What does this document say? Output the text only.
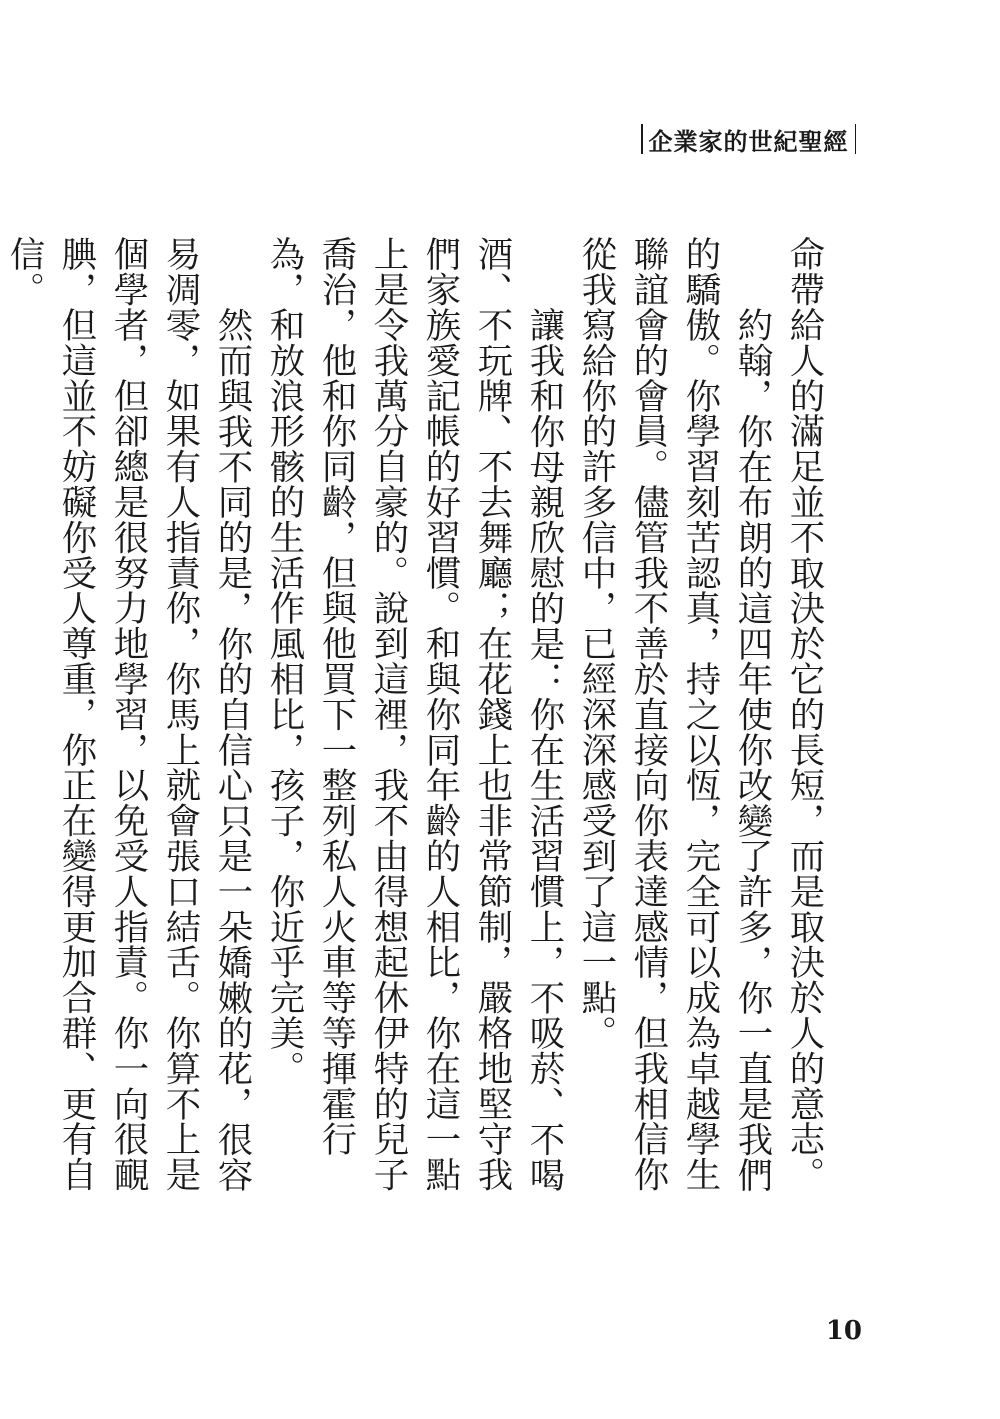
企業家的世紀聖經

命帶給人的滿足並不取決於它的長短，而是取決於人的意志。

約翰，你在布朗的這四年使你改變了許多，你一直是我們的驕傲。你學習刻苦認真，持之以恆，完全可以成為卓越學生聯誼會的會員。儘管我不善於直接向你表達感情，但我相信你從我寫給你的許多信中，已經深深感受到了這一點。

讓我和你母親欣慰的是：你在生活習慣上，不吸菸、不喝酒、不玩牌、不去舞廳；在花錢上也非常節制，嚴格地堅守我們家族愛記帳的好習慣。和與你同年齡的人相比，你在這一點上是令我萬分自豪的。說到這裡，我不由得想起休伊特的兒子喬治，他和你同齡，但與他買下一整列私人火車等等揮霍行為，和放浪形骸的生活作風相比，孩子，你近乎完美。

然而與我不同的是，你的自信心只是一朵嬌嫩的花，很容易凋零，如果有人指責你，你馬上就會張口結舌。你算不上是個學者，但卻總是很努力地學習，以免受人指責。你一向很靦腆，但這並不妨礙你受人尊重，你正在變得更加合群、更有自信。

10
